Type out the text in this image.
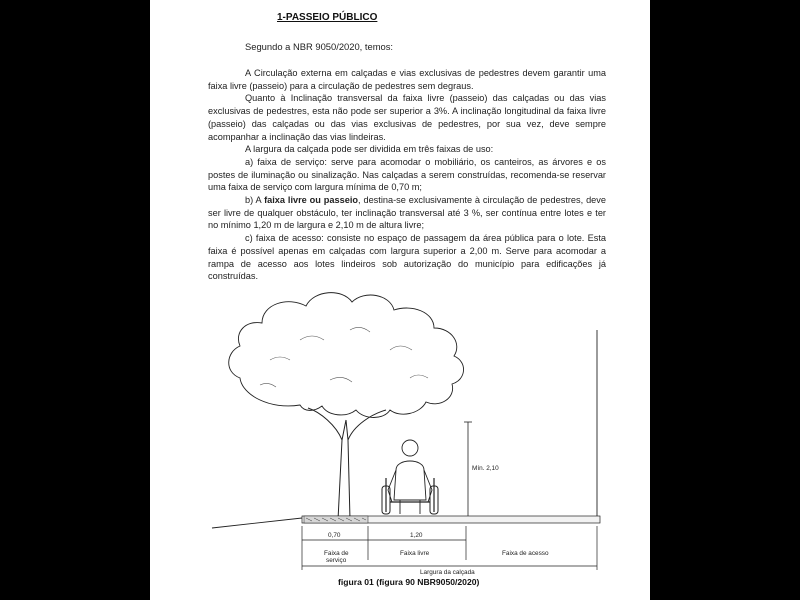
1-PASSEIO PÚBLICO
Segundo a NBR 9050/2020, temos:

A Circulação externa em calçadas e vias exclusivas de pedestres devem garantir uma faixa livre (passeio) para a circulação de pedestres sem degraus.

Quanto à Inclinação transversal da faixa livre (passeio) das calçadas ou das vias exclusivas de pedestres, esta não pode ser superior a 3%. A inclinação longitudinal da faixa livre (passeio) das calçadas ou das vias exclusivas de pedestres, por sua vez, deve sempre acompanhar a inclinação das vias lindeiras.

A largura da calçada pode ser dividida em três faixas de uso:

a) faixa de serviço: serve para acomodar o mobiliário, os canteiros, as árvores e os postes de iluminação ou sinalização. Nas calçadas a serem construídas, recomenda-se reservar uma faixa de serviço com largura mínima de 0,70 m;

b) A faixa livre ou passeio, destina-se exclusivamente à circulação de pedestres, deve ser livre de qualquer obstáculo, ter inclinação transversal até 3 %, ser contínua entre lotes e ter no mínimo 1,20 m de largura e 2,10 m de altura livre;

c) faixa de acesso: consiste no espaço de passagem da área pública para o lote. Esta faixa é possível apenas em calçadas com largura superior a 2,00 m. Serve para acomodar a rampa de acesso aos lotes lindeiros sob autorização do município para edificações já construídas.

Mín. 2,10
0,70	1,20
Faixa de
serviço
Faixa livre	Faixa de acesso
Largura da calçada
figura 01 (figura 90 NBR9050/2020)
